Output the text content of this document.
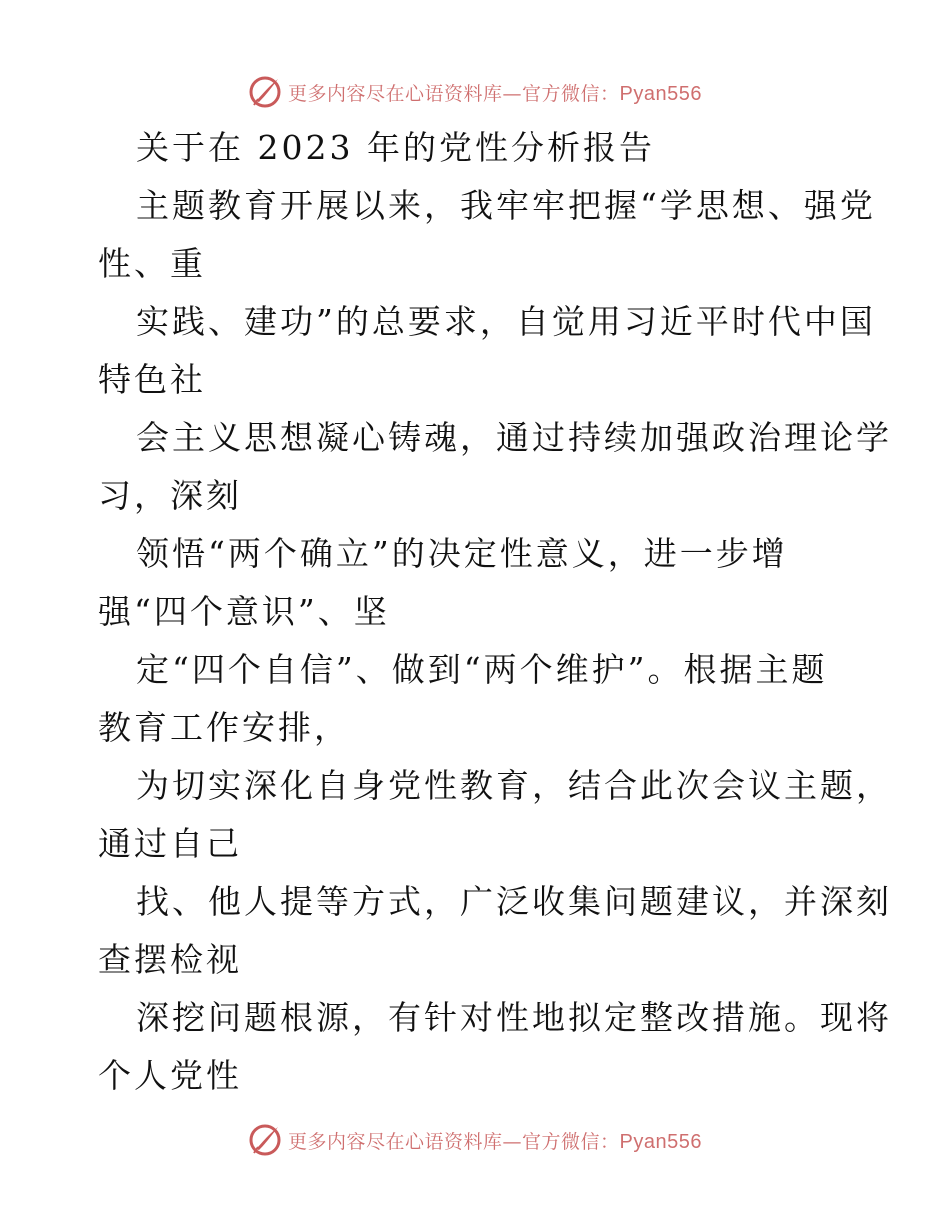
更多内容尽在心语资料库—官方微信：Pyan556
关于在 2023 年的党性分析报告
主题教育开展以来，我牢牢把握“学思想、强党
性、重
实践、建功”的总要求，自觉用习近平时代中国
特色社
会主义思想凝心铸魂，通过持续加强政治理论学
习，深刻
领悟“两个确立”的决定性意义，进一步增
强“四个意识”、坚
定“四个自信”、做到“两个维护”。根据主题
教育工作安排，
为切实深化自身党性教育，结合此次会议主题，
通过自己
找、他人提等方式，广泛收集问题建议，并深刻
查摆检视
深挖问题根源，有针对性地拟定整改措施。现将
个人党性
更多内容尽在心语资料库—官方微信：Pyan556
